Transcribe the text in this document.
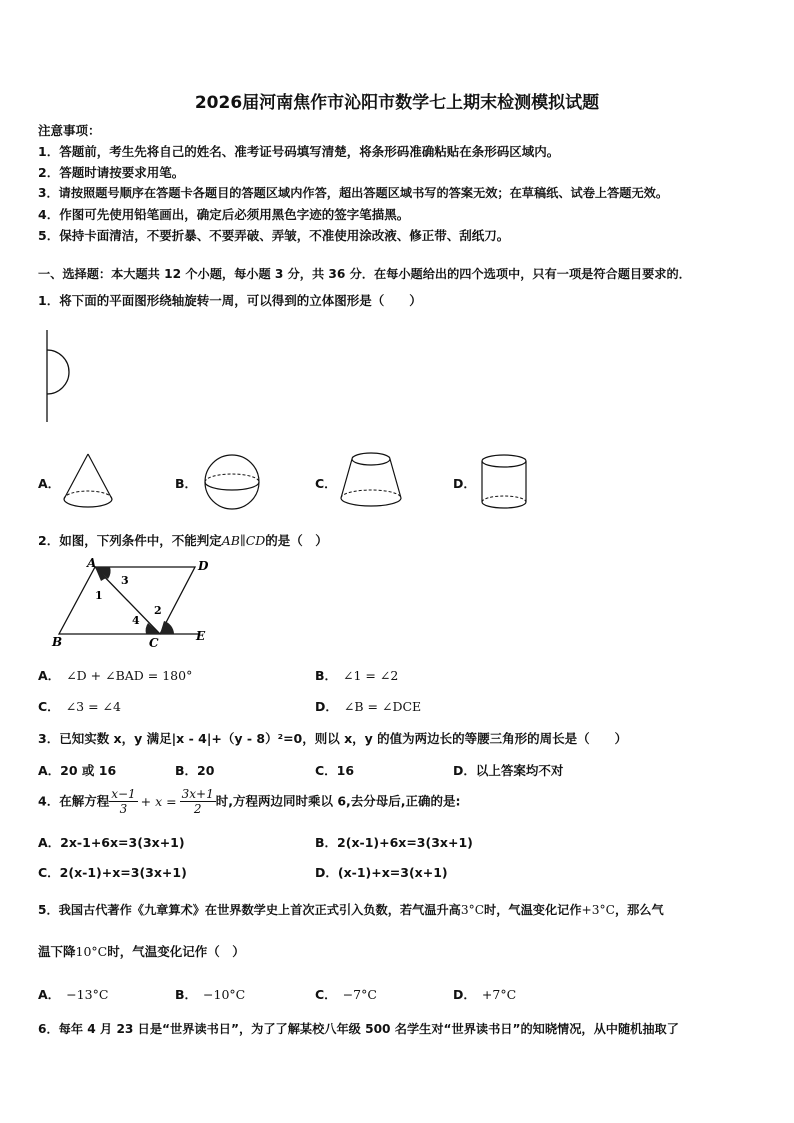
2026届河南焦作市沁阳市数学七上期末检测模拟试题
注意事项：
1．答题前，考生先将自己的姓名、准考证号码填写清楚，将条形码准确粘贴在条形码区域内。
2．答题时请按要求用笔。
3．请按照题号顺序在答题卡各题目的答题区域内作答，超出答题区域书写的答案无效；在草稿纸、试卷上答题无效。
4．作图可先使用铅笔画出，确定后必须用黑色字迹的签字笔描黑。
5．保持卡面清洁，不要折暴、不要弄破、弄皱，不准使用涂改液、修正带、刮纸刀。
一、选择题：本大题共 12 个小题，每小题 3 分，共 36 分．在每小题给出的四个选项中，只有一项是符合题目要求的．
1．将下面的平面图形绕轴旋转一周，可以得到的立体图形是（　　）
A．	B．	C．	D．
2．如图，下列条件中，不能判定AB∥CD的是（　）
A	D
B	C	E
1
3
4
2
A． ∠D + ∠BAD = 180°	B． ∠1 = ∠2
C． ∠3 = ∠4	D． ∠B = ∠DCE
3．已知实数 x，y 满足|x - 4|+（y - 8）²=0，则以 x，y 的值为两边长的等腰三角形的周长是（　　）
A．20 或 16	B．20	C．16	D．以上答案均不对
4．在解方程 $\frac{x-1}{3} + x = \frac{3x+1}{2}$ 时,方程两边同时乘以 6,去分母后,正确的是:
A．2x-1+6x=3(3x+1)	B．2(x-1)+6x=3(3x+1)
C．2(x-1)+x=3(3x+1)	D．(x-1)+x=3(x+1)
5．我国古代著作《九章算术》在世界数学史上首次正式引入负数，若气温升高3°C时，气温变化记作+3°C，那么气
温下降10°C时，气温变化记作（　）
A． −13°C	B． −10°C	C． −7°C	D． +7°C
6．每年 4 月 23 日是“世界读书日”，为了了解某校八年级 500 名学生对“世界读书日”的知晓情况，从中随机抽取了
